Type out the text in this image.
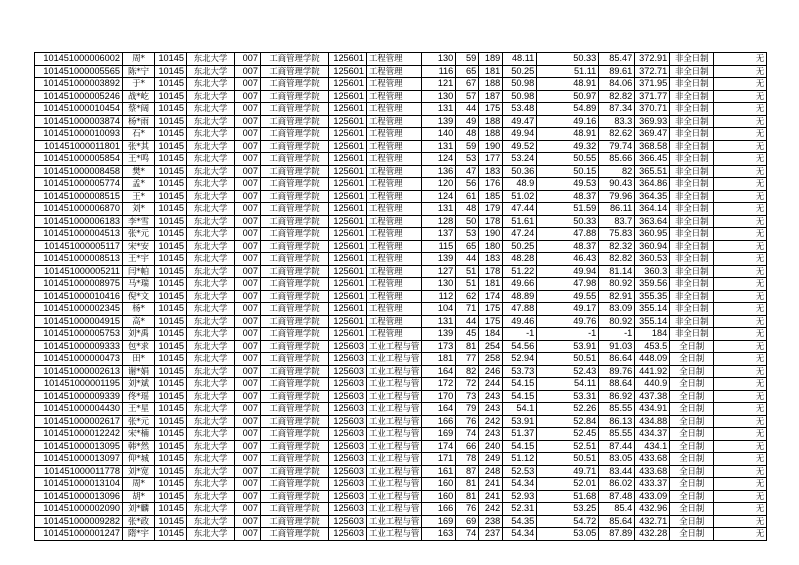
101451000006002	周*	10145	东北大学	007	工商管理学院	125601	工程管理	130	59	189	48.11	50.33	85.47	372.91	非全日制	无
101451000005565	陈*宁	10145	东北大学	007	工商管理学院	125601	工程管理	116	65	181	50.25	51.11	89.61	372.71	非全日制	无
101451000003892	于*	10145	东北大学	007	工商管理学院	125601	工程管理	121	67	188	50.98	48.91	84.06	371.95	非全日制	无
101451000005246	战*屹	10145	东北大学	007	工商管理学院	125601	工程管理	130	57	187	50.98	50.97	82.82	371.77	非全日制	无
101451000010454	蔡*阔	10145	东北大学	007	工商管理学院	125601	工程管理	131	44	175	53.48	54.89	87.34	370.71	非全日制	无
101451000003874	杨*雨	10145	东北大学	007	工商管理学院	125601	工程管理	139	49	188	49.47	49.16	83.3	369.93	非全日制	无
101451000010093	石*	10145	东北大学	007	工商管理学院	125601	工程管理	140	48	188	49.94	48.91	82.62	369.47	非全日制	无
101451000011801	张*其	10145	东北大学	007	工商管理学院	125601	工程管理	131	59	190	49.52	49.32	79.74	368.58	非全日制	无
101451000005854	王*鸣	10145	东北大学	007	工商管理学院	125601	工程管理	124	53	177	53.24	50.55	85.66	366.45	非全日制	无
101451000008458	樊*	10145	东北大学	007	工商管理学院	125601	工程管理	136	47	183	50.36	50.15	82	365.51	非全日制	无
101451000005774	孟*	10145	东北大学	007	工商管理学院	125601	工程管理	120	56	176	48.9	49.53	90.43	364.86	非全日制	无
101451000008515	王*	10145	东北大学	007	工商管理学院	125601	工程管理	124	61	185	51.02	48.37	79.96	364.35	非全日制	无
101451000006870	刘*	10145	东北大学	007	工商管理学院	125601	工程管理	131	48	179	47.44	51.59	86.11	364.14	非全日制	无
101451000006183	李*雪	10145	东北大学	007	工商管理学院	125601	工程管理	128	50	178	51.61	50.33	83.7	363.64	非全日制	无
101451000004513	张*元	10145	东北大学	007	工商管理学院	125601	工程管理	137	53	190	47.24	47.88	75.83	360.95	非全日制	无
101451000005117	宋*安	10145	东北大学	007	工商管理学院	125601	工程管理	115	65	180	50.25	48.37	82.32	360.94	非全日制	无
101451000008513	王*宇	10145	东北大学	007	工商管理学院	125601	工程管理	139	44	183	48.28	46.43	82.82	360.53	非全日制	无
101451000005211	闫*帕	10145	东北大学	007	工商管理学院	125601	工程管理	127	51	178	51.22	49.94	81.14	360.3	非全日制	无
101451000008975	马*瑞	10145	东北大学	007	工商管理学院	125601	工程管理	130	51	181	49.66	47.98	80.92	359.56	非全日制	无
101451000010416	倪*文	10145	东北大学	007	工商管理学院	125601	工程管理	112	62	174	48.89	49.55	82.91	355.35	非全日制	无
101451000002345	杨*	10145	东北大学	007	工商管理学院	125601	工程管理	104	71	175	47.88	49.17	83.09	355.14	非全日制	无
101451000004915	高*	10145	东北大学	007	工商管理学院	125601	工程管理	131	44	175	49.46	49.76	80.92	355.14	非全日制	无
101451000005753	刘*禹	10145	东北大学	007	工商管理学院	125601	工程管理	139	45	184	-1	-1	-1	184	非全日制	无
101451000009333	包*求	10145	东北大学	007	工商管理学院	125603	工业工程与管	173	81	254	54.56	53.91	91.03	453.5	全日制	无
101451000000473	田*	10145	东北大学	007	工商管理学院	125603	工业工程与管	181	77	258	52.94	50.51	86.64	448.09	全日制	无
101451000002613	谢*娟	10145	东北大学	007	工商管理学院	125603	工业工程与管	164	82	246	53.73	52.43	89.76	441.92	全日制	无
101451000001195	刘*斌	10145	东北大学	007	工商管理学院	125603	工业工程与管	172	72	244	54.15	54.11	88.64	440.9	全日制	无
101451000009339	佟*瑶	10145	东北大学	007	工商管理学院	125603	工业工程与管	170	73	243	54.15	53.31	86.92	437.38	全日制	无
101451000004430	王*星	10145	东北大学	007	工商管理学院	125603	工业工程与管	164	79	243	54.1	52.26	85.55	434.91	全日制	无
101451000002617	张*元	10145	东北大学	007	工商管理学院	125603	工业工程与管	166	76	242	53.91	52.84	86.13	434.88	全日制	无
101451000012242	宋*楠	10145	东北大学	007	工商管理学院	125603	工业工程与管	169	74	243	51.37	52.45	85.55	434.37	全日制	无
101451000013095	韩*然	10145	东北大学	007	工商管理学院	125603	工业工程与管	174	66	240	54.15	52.51	87.44	434.1	全日制	无
101451000013097	仰*城	10145	东北大学	007	工商管理学院	125603	工业工程与管	171	78	249	51.12	50.51	83.05	433.68	全日制	无
101451000011778	刘*宽	10145	东北大学	007	工商管理学院	125603	工业工程与管	161	87	248	52.53	49.71	83.44	433.68	全日制	无
101451000013104	周*	10145	东北大学	007	工商管理学院	125603	工业工程与管	160	81	241	54.34	52.01	86.02	433.37	全日制	无
101451000013096	胡*	10145	东北大学	007	工商管理学院	125603	工业工程与管	160	81	241	52.93	51.68	87.48	433.09	全日制	无
101451000002090	刘*麟	10145	东北大学	007	工商管理学院	125603	工业工程与管	166	76	242	52.31	53.25	85.4	432.96	全日制	无
101451000009282	张*政	10145	东北大学	007	工商管理学院	125603	工业工程与管	169	69	238	54.35	54.72	85.64	432.71	全日制	无
101451000001247	隋*宇	10145	东北大学	007	工商管理学院	125603	工业工程与管	163	74	237	54.34	53.05	87.89	432.28	全日制	无
